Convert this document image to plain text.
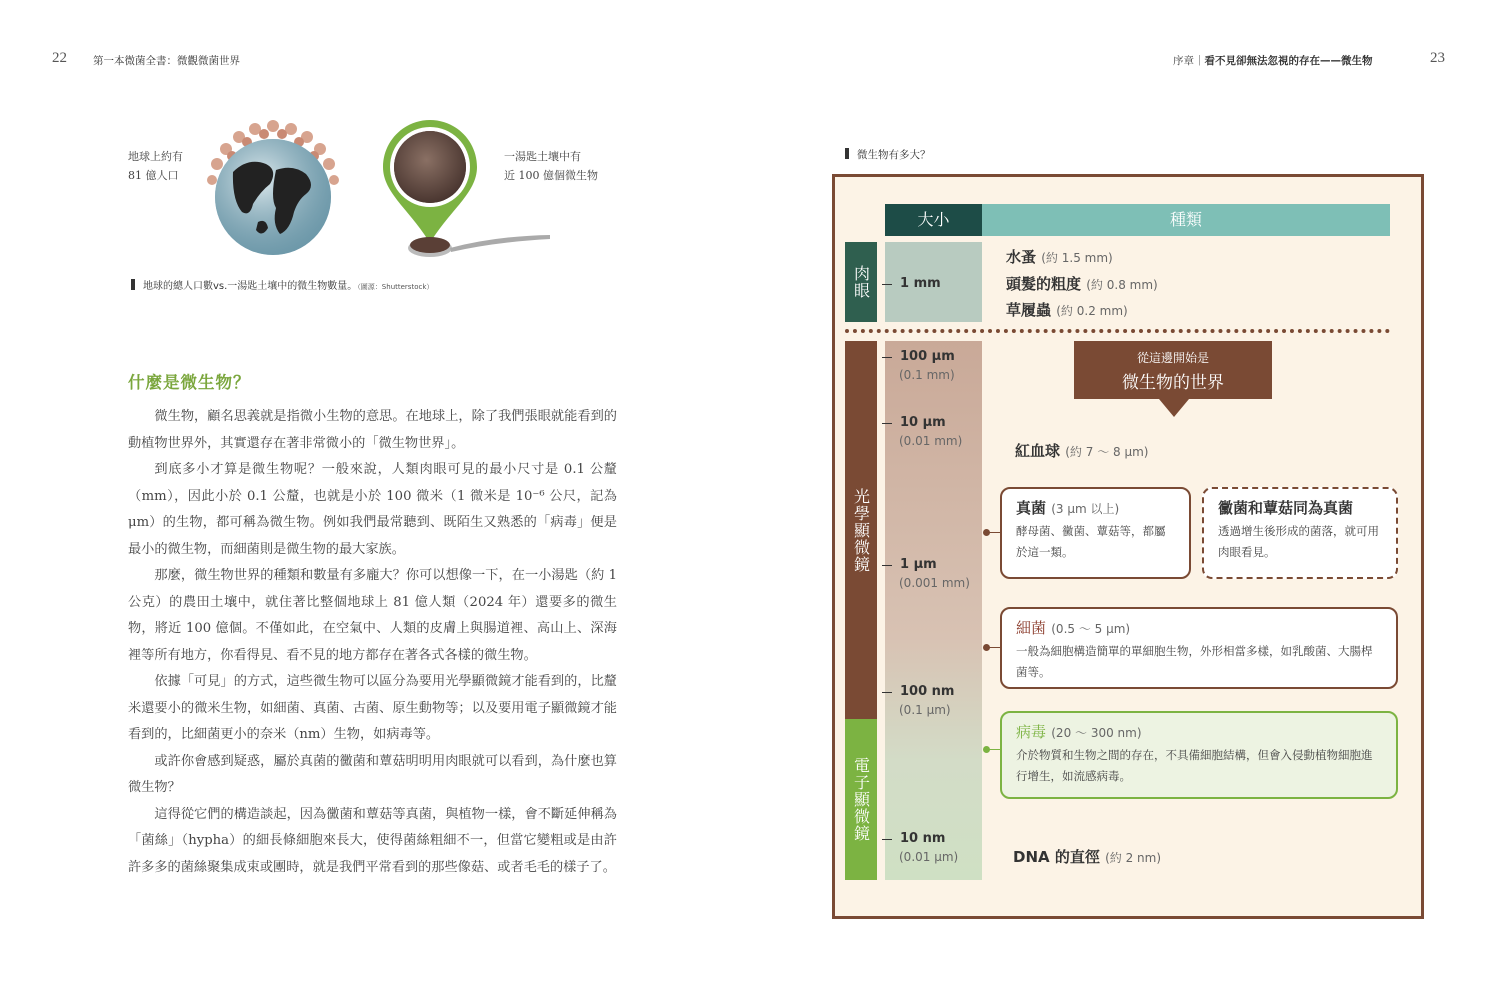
22 第一本微菌全書：微觀微菌世界
地球上約有
81 億人口
一湯匙土壤中有
近 100 億個微生物
地球的總人口數vs.一湯匙土壤中的微生物數量。（圖源：Shutterstock）
什麼是微生物？

微生物，顧名思義就是指微小生物的意思。在地球上，除了我們張眼就能看到的動植物世界外，其實還存在著非常微小的「微生物世界」。

到底多小才算是微生物呢？一般來說，人類肉眼可見的最小尺寸是 0.1 公釐（mm），因此小於 0.1 公釐，也就是小於 100 微米（1 微米是 10⁻⁶ 公尺，記為 μm）的生物，都可稱為微生物。例如我們最常聽到、既陌生又熟悉的「病毒」便是最小的微生物，而細菌則是微生物的最大家族。

那麼，微生物世界的種類和數量有多龐大？你可以想像一下，在一小湯匙（約 1 公克）的農田土壤中，就住著比整個地球上 81 億人類（2024 年）還要多的微生物，將近 100 億個。不僅如此，在空氣中、人類的皮膚上與腸道裡、高山上、深海裡等所有地方，你看得見、看不見的地方都存在著各式各樣的微生物。

依據「可見」的方式，這些微生物可以區分為要用光學顯微鏡才能看到的，比釐米還要小的微米生物，如細菌、真菌、古菌、原生動物等；以及要用電子顯微鏡才能看到的，比細菌更小的奈米（nm）生物，如病毒等。

或許你會感到疑惑，屬於真菌的黴菌和蕈菇明明用肉眼就可以看到，為什麼也算微生物？

這得從它們的構造談起，因為黴菌和蕈菇等真菌，與植物一樣，會不斷延伸稱為「菌絲」（hypha）的細長條細胞來長大，使得菌絲粗細不一，但當它變粗或是由許許多多的菌絲聚集成束或團時，就是我們平常看到的那些像菇、或者毛毛的樣子了。

序章｜看不見卻無法忽視的存在——微生物	23
微生物有多大？
大小	種類
肉眼
光學顯微鏡
電子顯微鏡
1 mm
100 μm
(0.1 mm)
10 μm
(0.01 mm)
1 μm
(0.001 mm)
100 nm
(0.1 μm)
10 nm
(0.01 μm)
水蚤 (約 1.5 mm)
頭髮的粗度 (約 0.8 mm)
草履蟲 (約 0.2 mm)
從這邊開始是
微生物的世界
紅血球 (約 7 ～ 8 μm)
真菌 (3 μm 以上)
酵母菌、黴菌、蕈菇等，都屬於這一類。
黴菌和蕈菇同為真菌
透過增生後形成的菌落，就可用肉眼看見。
細菌 (0.5 ～ 5 μm)
一般為細胞構造簡單的單細胞生物，外形相當多樣，如乳酸菌、大腸桿菌等。
病毒 (20 ～ 300 nm)
介於物質和生物之間的存在，不具備細胞結構，但會入侵動植物細胞進行增生，如流感病毒。
DNA 的直徑 (約 2 nm)
